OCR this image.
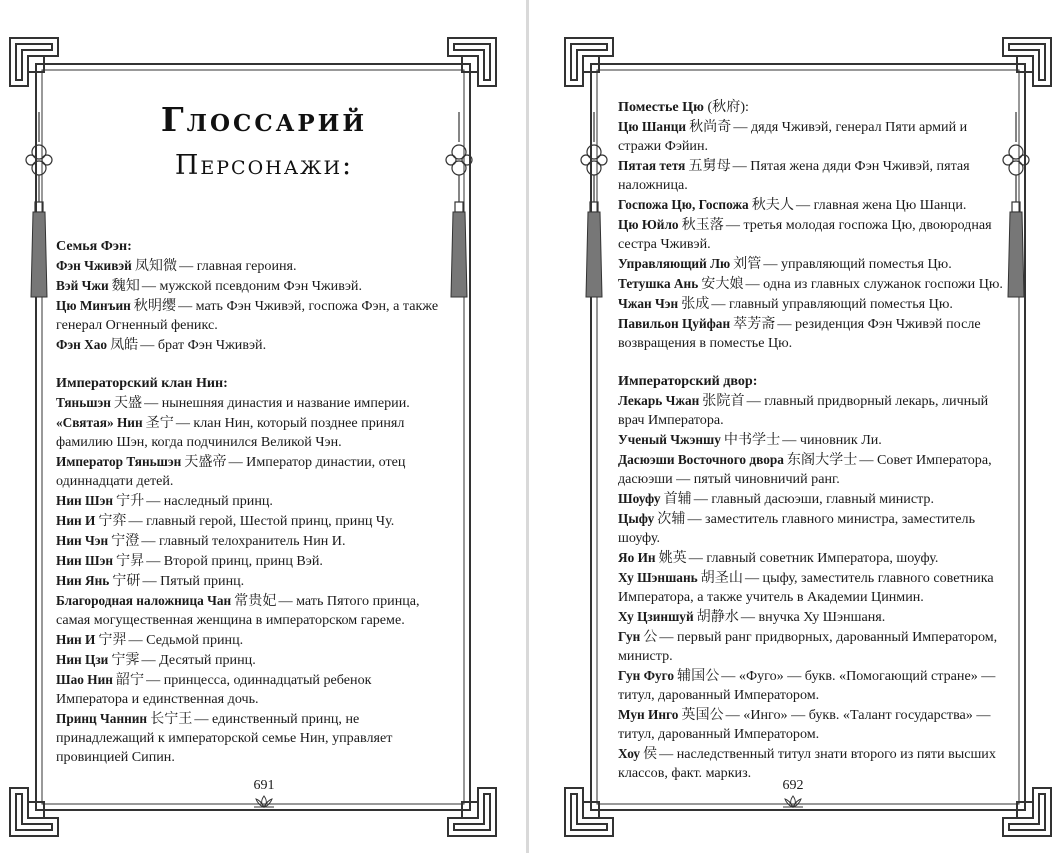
Глоссарий
Персонажи:
Семья Фэн:
Фэн Чживэй 凤知微 — главная героиня.
Вэй Чжи 魏知 — мужской псевдоним Фэн Чживэй.
Цю Минъин 秋明缨 — мать Фэн Чживэй, госпожа Фэн, а также генерал Огненный феникс.
Фэн Хао 凤皓 — брат Фэн Чживэй.
Императорский клан Нин:
Тяньшэн 天盛 — нынешняя династия и название империи.
«Святая» Нин 圣宁 — клан Нин, который позднее принял фамилию Шэн, когда подчинился Великой Чэн.
Император Тяньшэн 天盛帝 — Император династии, отец одиннадцати детей.
Нин Шэн 宁升 — наследный принц.
Нин И 宁弈 — главный герой, Шестой принц, принц Чу.
Нин Чэн 宁澄 — главный телохранитель Нин И.
Нин Шэн 宁昇 — Второй принц, принц Вэй.
Нин Янь 宁研 — Пятый принц.
Благородная наложница Чан 常贵妃 — мать Пятого принца, самая могущественная женщина в императорском гареме.
Нин И 宁羿 — Седьмой принц.
Нин Цзи 宁霁 — Десятый принц.
Шао Нин 韶宁 — принцесса, одиннадцатый ребенок Императора и единственная дочь.
Принц Чаннин 长宁王 — единственный принц, не принадлежащий к императорской семье Нин, управляет провинцией Сипин.
691
Поместье Цю (秋府):
Цю Шанци 秋尚奇 — дядя Чживэй, генерал Пяти армий и стражи Фэйин.
Пятая тетя 五舅母 — Пятая жена дяди Фэн Чживэй, пятая наложница.
Госпожа Цю, Госпожа 秋夫人 — главная жена Цю Шанци.
Цю Юйло 秋玉落 — третья молодая госпожа Цю, двоюродная сестра Чживэй.
Управляющий Лю 刘管 — управляющий поместья Цю.
Тетушка Ань 安大娘 — одна из главных служанок госпожи Цю.
Чжан Чэн 张成 — главный управляющий поместья Цю.
Павильон Цуйфан 萃芳斋 — резиденция Фэн Чживэй после возвращения в поместье Цю.
Императорский двор:
Лекарь Чжан 张院首 — главный придворный лекарь, личный врач Императора.
Ученый Чжэншу 中书学士 — чиновник Ли.
Дасюэши Восточного двора 东阁大学士 — Совет Императора, дасюэши — пятый чиновничий ранг.
Шоуфу 首辅 — главный дасюэши, главный министр.
Цыфу 次辅 — заместитель главного министра, заместитель шоуфу.
Яо Ин 姚英 — главный советник Императора, шоуфу.
Ху Шэншань 胡圣山 — цыфу, заместитель главного советника Императора, а также учитель в Академии Цинмин.
Ху Цзиншуй 胡静水 — внучка Ху Шэншаня.
Гун 公 — первый ранг придворных, дарованный Императором, министр.
Гун Фуго 辅国公 — «Фуго» — букв. «Помогающий стране» — титул, дарованный Императором.
Мун Инго 英国公 — «Инго» — букв. «Талант государства» — титул, дарованный Императором.
Хоу 侯 — наследственный титул знати второго из пяти высших классов, факт. маркиз.
692
